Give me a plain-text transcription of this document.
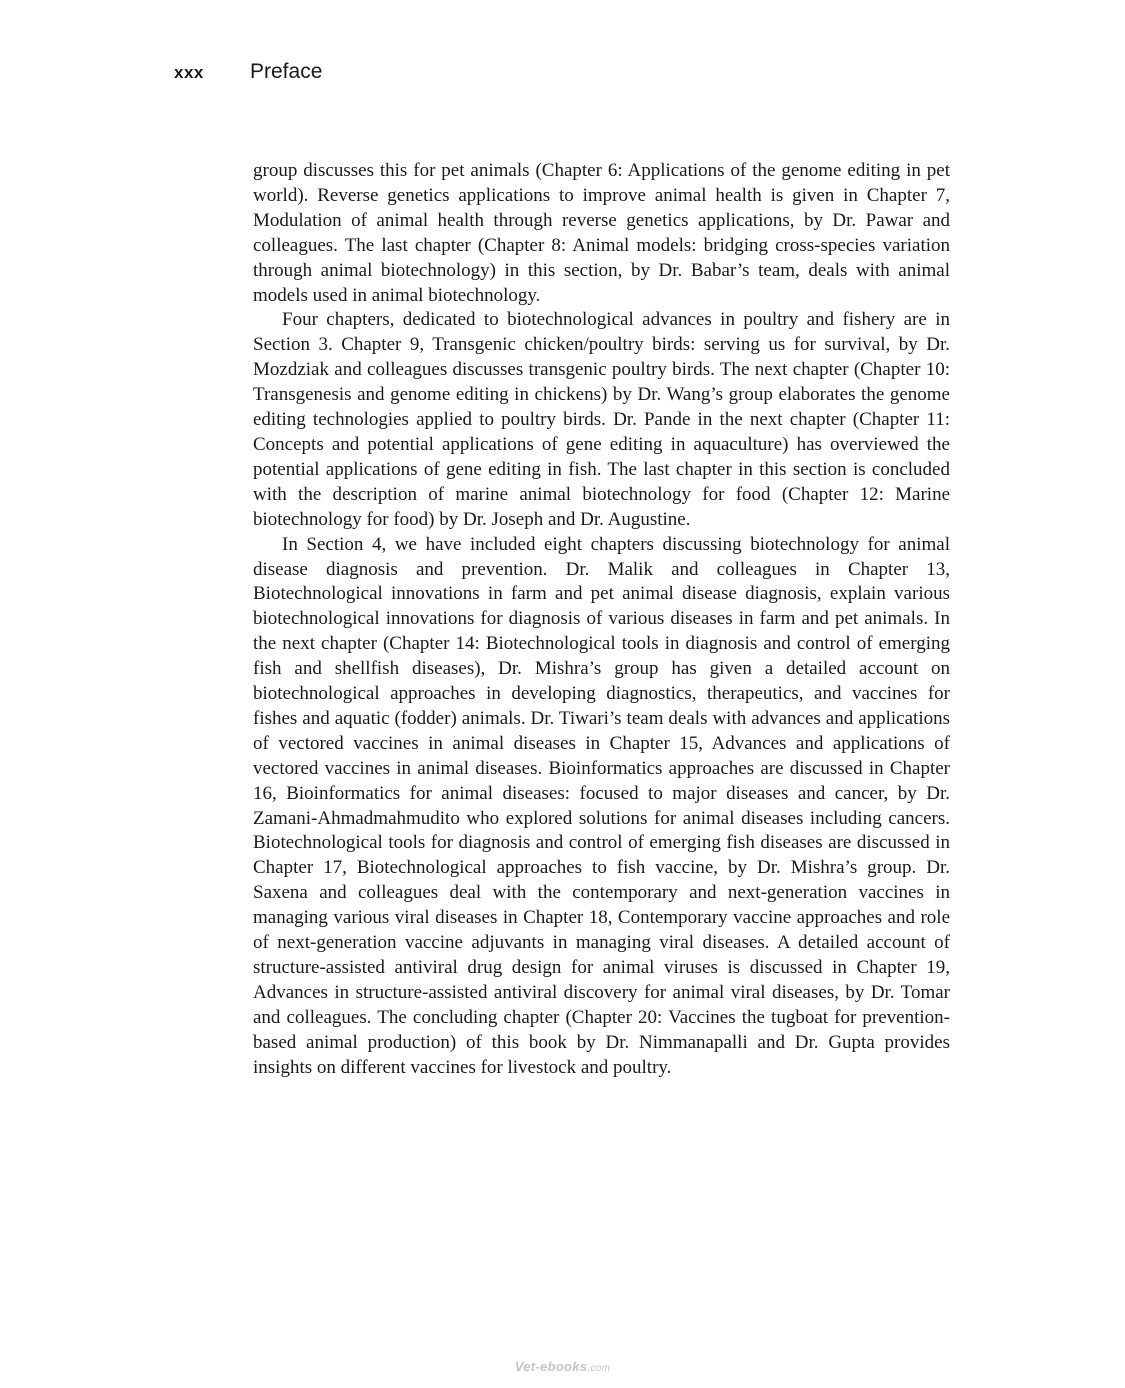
xxx	Preface

group discusses this for pet animals (Chapter 6: Applications of the genome editing in pet world). Reverse genetics applications to improve animal health is given in Chapter 7, Modulation of animal health through reverse genetics applications, by Dr. Pawar and colleagues. The last chapter (Chapter 8: Animal models: bridging cross-species variation through animal biotechnology) in this section, by Dr. Babar’s team, deals with animal models used in animal biotechnology.

Four chapters, dedicated to biotechnological advances in poultry and fishery are in Section 3. Chapter 9, Transgenic chicken/poultry birds: serving us for survival, by Dr. Mozdziak and colleagues discusses transgenic poultry birds. The next chapter (Chapter 10: Transgenesis and genome editing in chickens) by Dr. Wang’s group elaborates the genome editing technologies applied to poultry birds. Dr. Pande in the next chapter (Chapter 11: Concepts and potential applications of gene editing in aquaculture) has overviewed the potential applications of gene editing in fish. The last chapter in this section is concluded with the description of marine animal biotechnology for food (Chapter 12: Marine biotechnology for food) by Dr. Joseph and Dr. Augustine.

In Section 4, we have included eight chapters discussing biotechnology for animal disease diagnosis and prevention. Dr. Malik and colleagues in Chapter 13, Biotechnological innovations in farm and pet animal disease diagnosis, explain various biotechnological innovations for diagnosis of various diseases in farm and pet animals. In the next chapter (Chapter 14: Biotechnological tools in diagnosis and control of emerging fish and shellfish diseases), Dr. Mishra’s group has given a detailed account on biotechnological approaches in developing diagnostics, therapeutics, and vaccines for fishes and aquatic (fodder) animals. Dr. Tiwari’s team deals with advances and applications of vectored vaccines in animal diseases in Chapter 15, Advances and applications of vectored vaccines in animal diseases. Bioinformatics approaches are discussed in Chapter 16, Bioinformatics for animal diseases: focused to major diseases and cancer, by Dr. Zamani-Ahmadmahmudito who explored solutions for animal diseases including cancers. Biotechnological tools for diagnosis and control of emerging fish diseases are discussed in Chapter 17, Biotechnological approaches to fish vaccine, by Dr. Mishra’s group. Dr. Saxena and colleagues deal with the contemporary and next-generation vaccines in managing various viral diseases in Chapter 18, Contemporary vaccine approaches and role of next-generation vaccine adjuvants in managing viral diseases. A detailed account of structure-assisted antiviral drug design for animal viruses is discussed in Chapter 19, Advances in structure-assisted antiviral discovery for animal viral diseases, by Dr. Tomar and colleagues. The concluding chapter (Chapter 20: Vaccines the tugboat for prevention-based animal production) of this book by Dr. Nimmanapalli and Dr. Gupta provides insights on different vaccines for livestock and poultry.

Vet-ebooks.com
